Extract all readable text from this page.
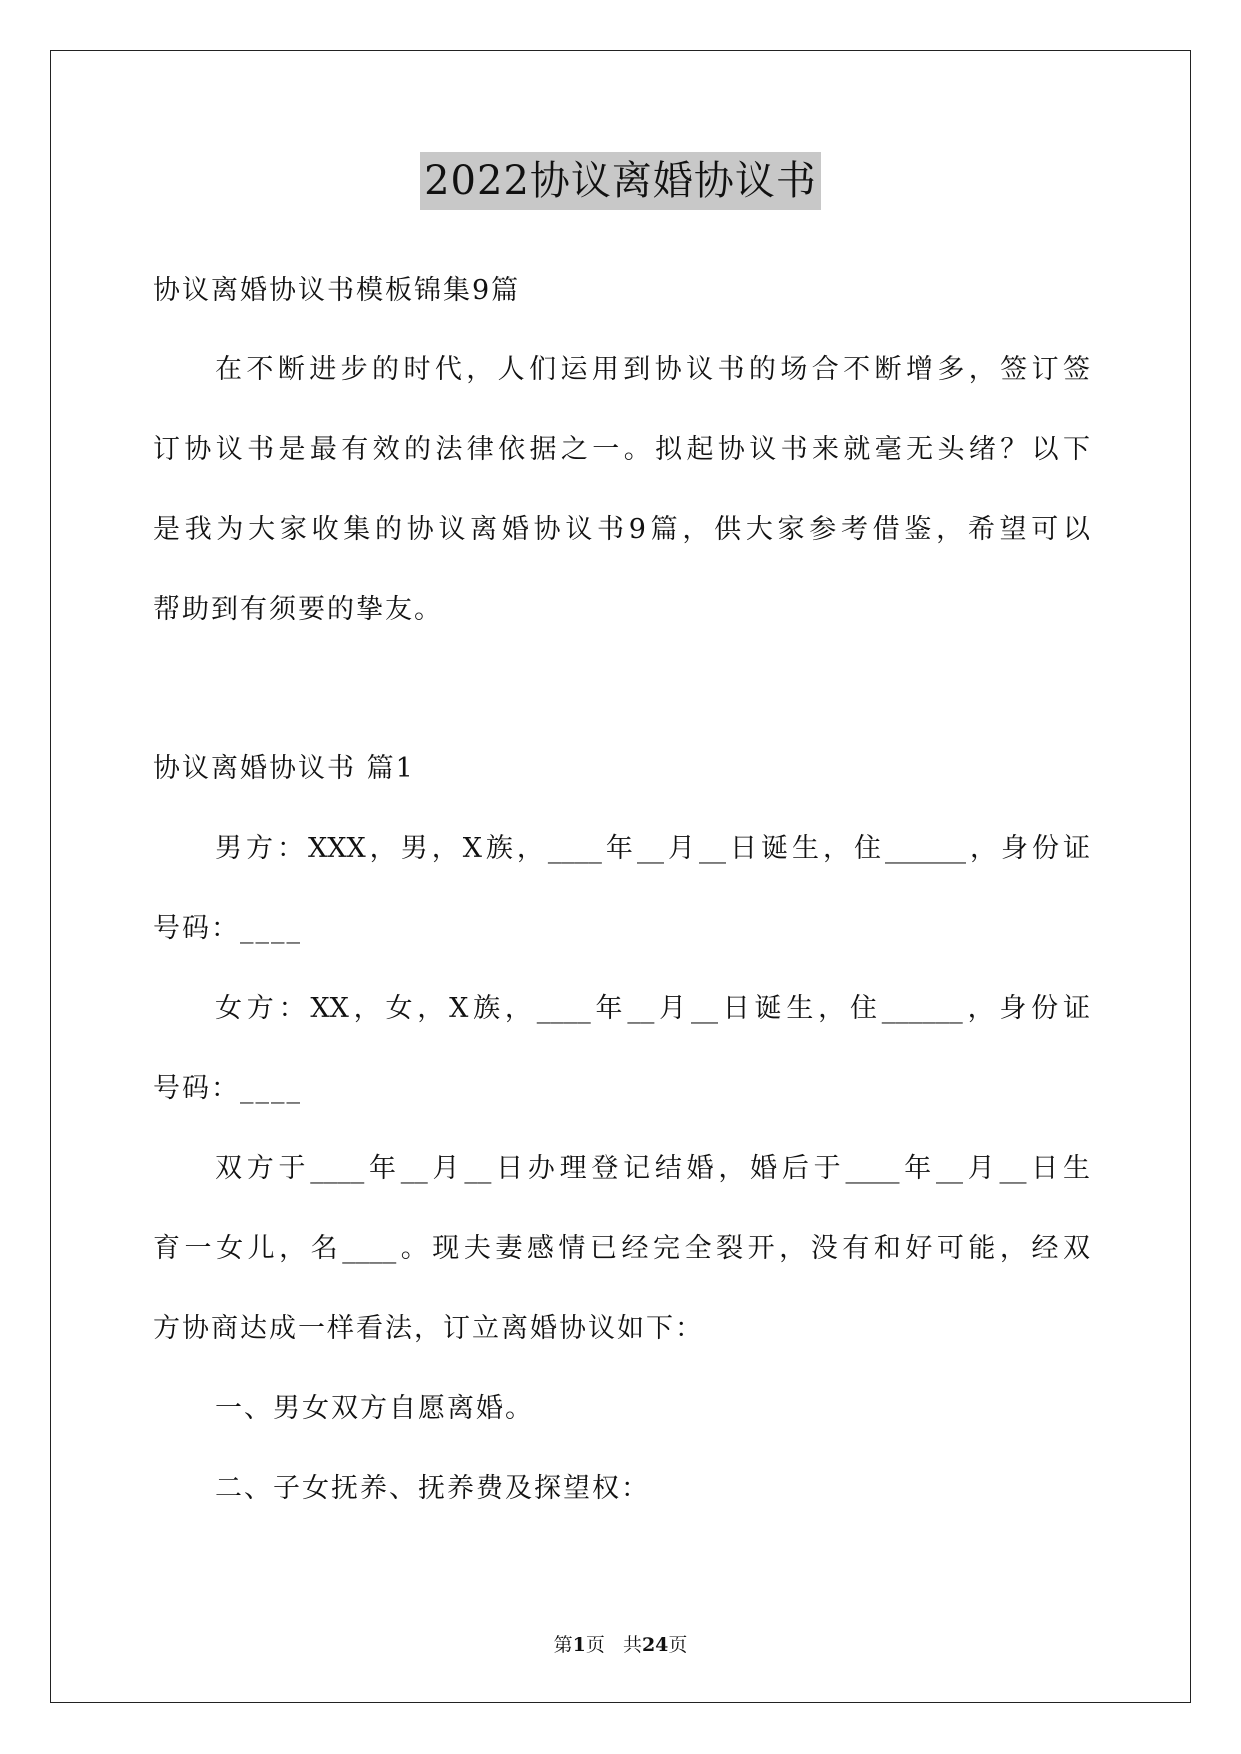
2022协议离婚协议书
协议离婚协议书模板锦集9篇
在不断进步的时代，人们运用到协议书的场合不断增多，签订签
订协议书是最有效的法律依据之一。拟起协议书来就毫无头绪？以下
是我为大家收集的协议离婚协议书9篇，供大家参考借鉴，希望可以
帮助到有须要的挚友。
协议离婚协议书 篇1
男方：XXX，男，X族，____年__月__日诞生，住______，身份证
号码：____
女方：XX，女，X族，____年__月__日诞生，住______，身份证
号码：____
双方于____年__月__日办理登记结婚，婚后于____年__月__日生
育一女儿，名____。现夫妻感情已经完全裂开，没有和好可能，经双
方协商达成一样看法，订立离婚协议如下：
一、男女双方自愿离婚。
二、子女抚养、抚养费及探望权：
第1页   共24页
